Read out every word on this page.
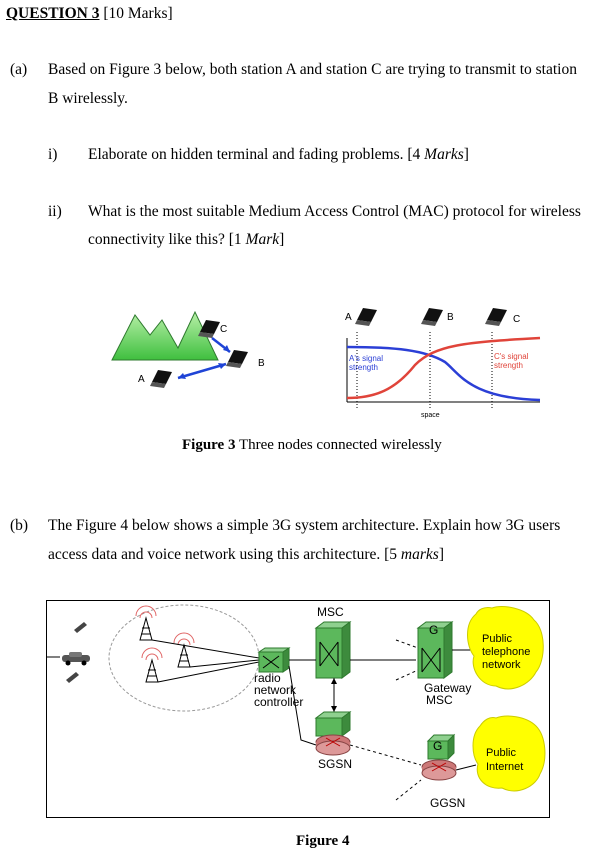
QUESTION 3 [10 Marks]
(a) Based on Figure 3 below, both station A and station C are trying to transmit to station
B wirelessly.
i) Elaborate on hidden terminal and fading problems. [4 Marks]
ii) What is the most suitable Medium Access Control (MAC) protocol for wireless
connectivity like this? [1 Mark]
C
B
A
A	B	C
A's signal
strength
C's signal
strength
space
Figure 3 Three nodes connected wirelessly
(b) The Figure 4 below shows a simple 3G system architecture. Explain how 3G users
access data and voice network using this architecture. [5 marks]
radio
network
controller
MSC
G
Gateway
MSC
Public
telephone
network
SGSN
G
GGSN
Public
Internet
Figure 4
